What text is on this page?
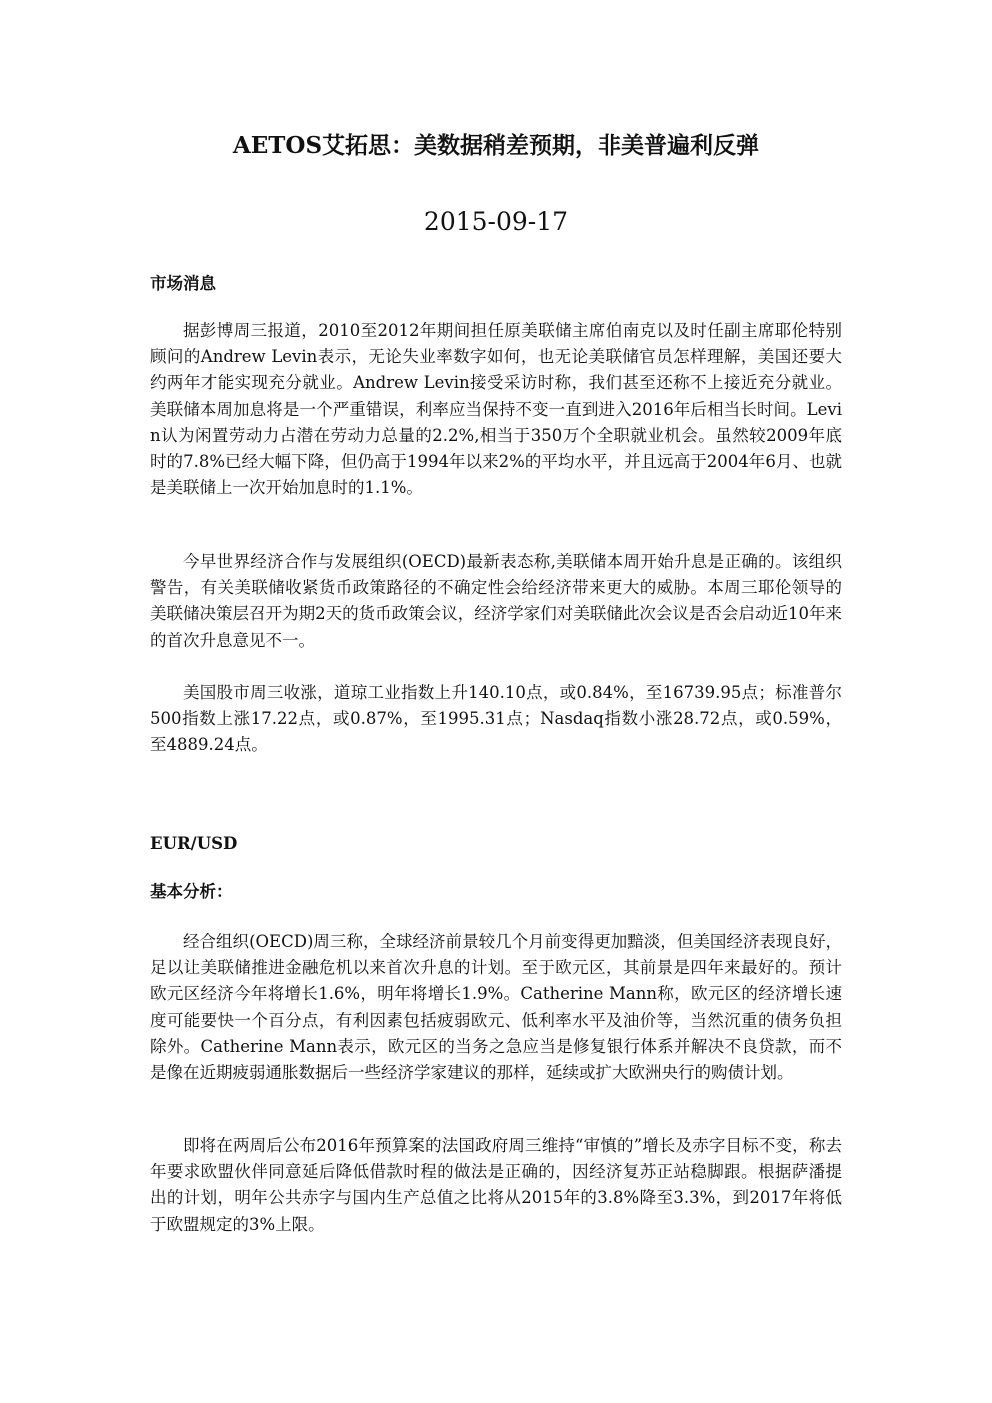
AETOS艾拓思：美数据稍差预期，非美普遍利反弹
2015-09-17
市场消息

据彭博周三报道，2010至2012年期间担任原美联储主席伯南克以及时任副主席耶伦特别顾问的Andrew Levin表示，无论失业率数字如何，也无论美联储官员怎样理解，美国还要大约两年才能实现充分就业。Andrew Levin接受采访时称，我们甚至还称不上接近充分就业。美联储本周加息将是一个严重错误，利率应当保持不变一直到进入2016年后相当长时间。Levin认为闲置劳动力占潜在劳动力总量的2.2%,相当于350万个全职就业机会。虽然较2009年底时的7.8%已经大幅下降，但仍高于1994年以来2%的平均水平，并且远高于2004年6月、也就是美联储上一次开始加息时的1.1%。

今早世界经济合作与发展组织(OECD)最新表态称,美联储本周开始升息是正确的。该组织警告，有关美联储收紧货币政策路径的不确定性会给经济带来更大的威胁。本周三耶伦领导的美联储决策层召开为期2天的货币政策会议，经济学家们对美联储此次会议是否会启动近10年来的首次升息意见不一。

美国股市周三收涨，道琼工业指数上升140.10点，或0.84%，至16739.95点；标准普尔500指数上涨17.22点，或0.87%，至1995.31点；Nasdaq指数小涨28.72点，或0.59%，至4889.24点。

EUR/USD
基本分析：

经合组织(OECD)周三称，全球经济前景较几个月前变得更加黯淡，但美国经济表现良好，足以让美联储推进金融危机以来首次升息的计划。至于欧元区，其前景是四年来最好的。预计欧元区经济今年将增长1.6%，明年将增长1.9%。Catherine Mann称，欧元区的经济增长速度可能要快一个百分点，有利因素包括疲弱欧元、低利率水平及油价等，当然沉重的债务负担除外。Catherine Mann表示，欧元区的当务之急应当是修复银行体系并解决不良贷款，而不是像在近期疲弱通胀数据后一些经济学家建议的那样，延续或扩大欧洲央行的购债计划。

即将在两周后公布2016年预算案的法国政府周三维持“审慎的”增长及赤字目标不变，称去年要求欧盟伙伴同意延后降低借款时程的做法是正确的，因经济复苏正站稳脚跟。根据萨潘提出的计划，明年公共赤字与国内生产总值之比将从2015年的3.8%降至3.3%，到2017年将低于欧盟规定的3%上限。
